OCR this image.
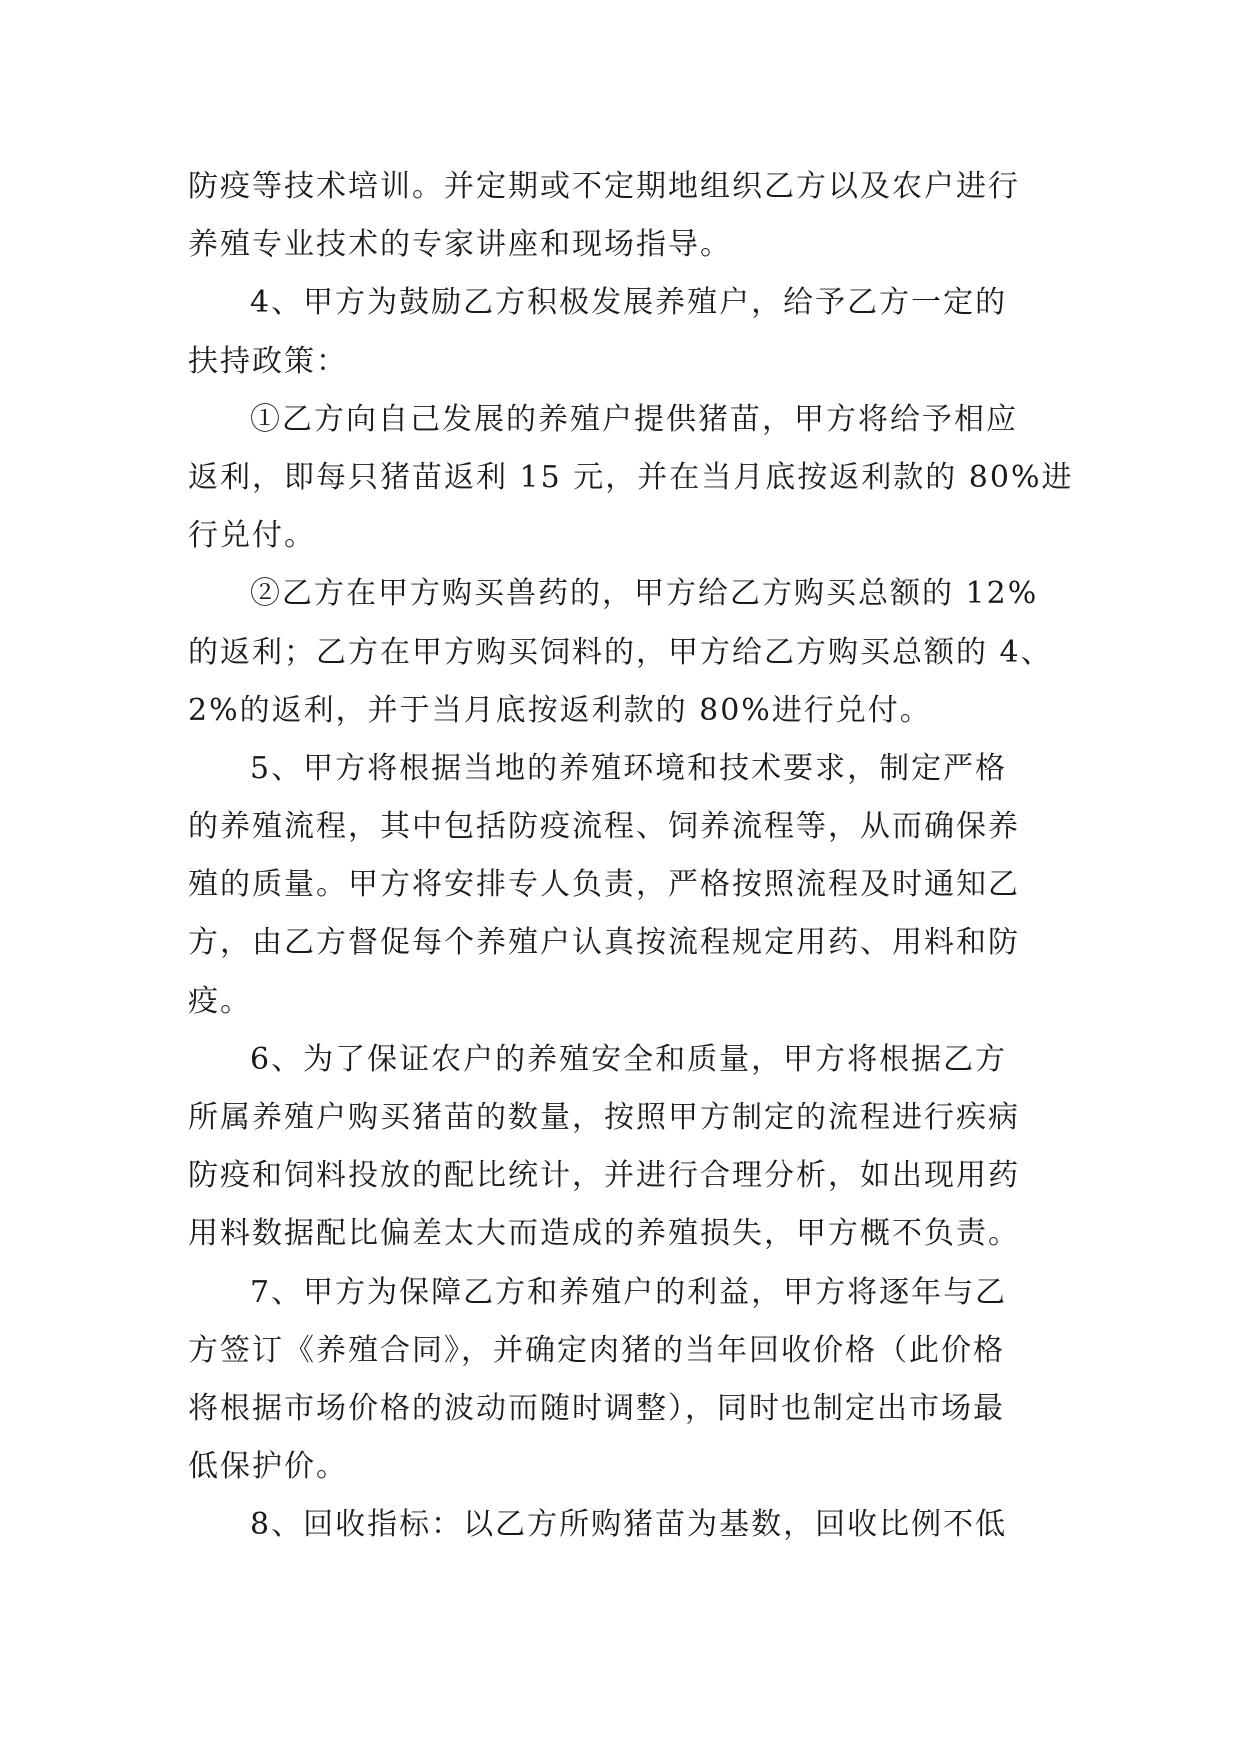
防疫等技术培训。并定期或不定期地组织乙方以及农户进行
养殖专业技术的专家讲座和现场指导。
4、甲方为鼓励乙方积极发展养殖户，给予乙方一定的
扶持政策：
①乙方向自己发展的养殖户提供猪苗，甲方将给予相应
返利，即每只猪苗返利 15 元，并在当月底按返利款的 80%进
行兑付。
②乙方在甲方购买兽药的，甲方给乙方购买总额的 12%
的返利；乙方在甲方购买饲料的，甲方给乙方购买总额的 4、
2%的返利，并于当月底按返利款的 80%进行兑付。
5、甲方将根据当地的养殖环境和技术要求，制定严格
的养殖流程，其中包括防疫流程、饲养流程等，从而确保养
殖的质量。甲方将安排专人负责，严格按照流程及时通知乙
方，由乙方督促每个养殖户认真按流程规定用药、用料和防
疫。
6、为了保证农户的养殖安全和质量，甲方将根据乙方
所属养殖户购买猪苗的数量，按照甲方制定的流程进行疾病
防疫和饲料投放的配比统计，并进行合理分析，如出现用药
用料数据配比偏差太大而造成的养殖损失，甲方概不负责。
7、甲方为保障乙方和养殖户的利益，甲方将逐年与乙
方签订《养殖合同》，并确定肉猪的当年回收价格（此价格
将根据市场价格的波动而随时调整），同时也制定出市场最
低保护价。
8、回收指标：以乙方所购猪苗为基数，回收比例不低
